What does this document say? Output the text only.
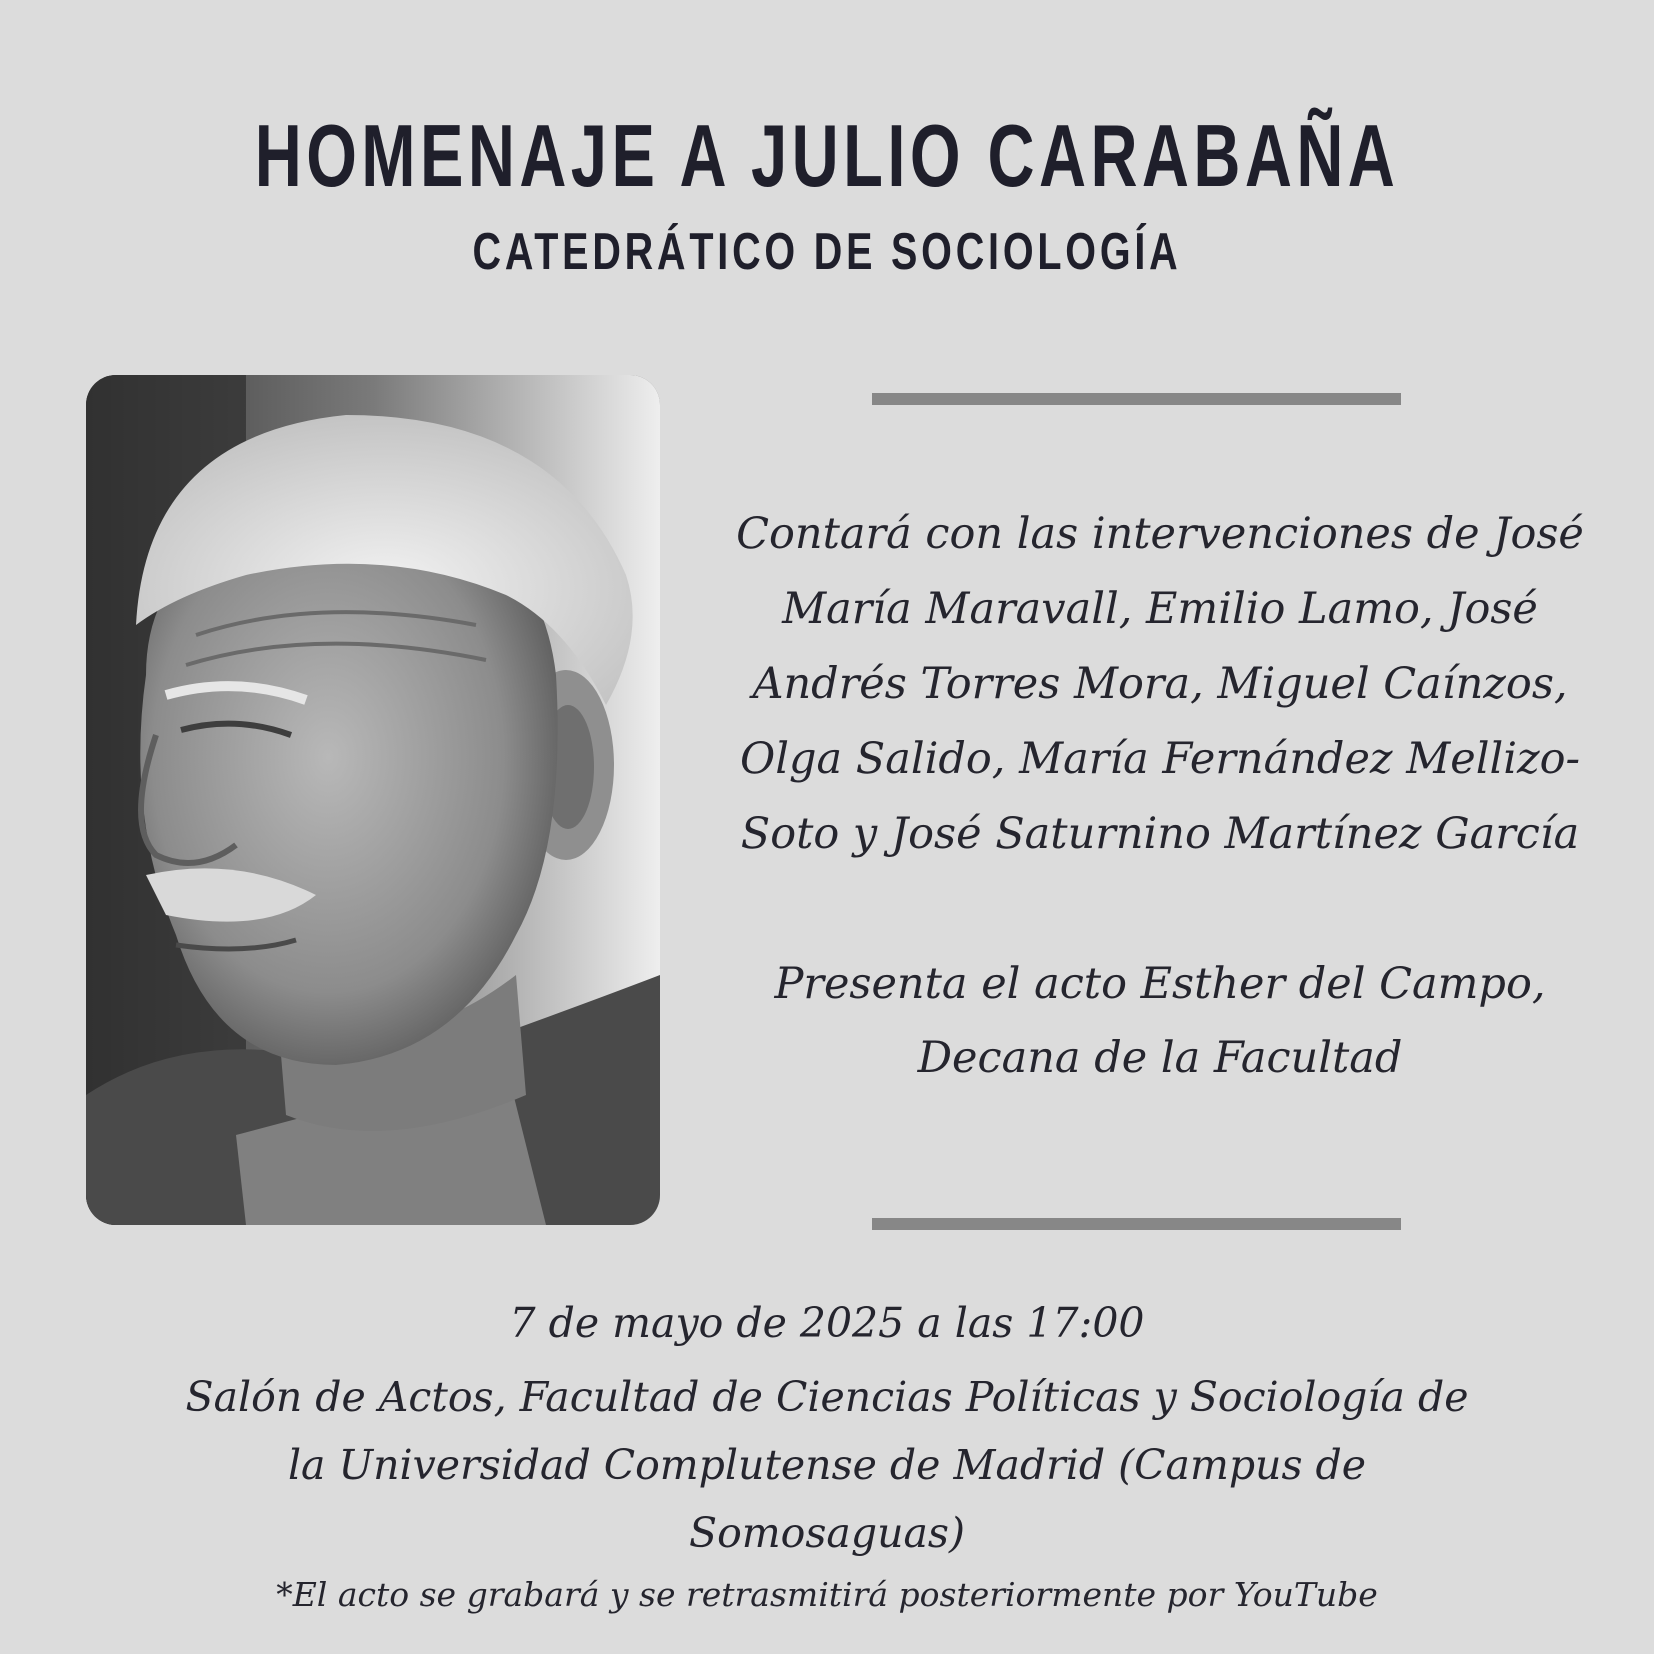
HOMENAJE A JULIO CARABAÑA
CATEDRÁTICO DE SOCIOLOGÍA
Contará con las intervenciones de José María Maravall, Emilio Lamo, José Andrés Torres Mora, Miguel Caínzos, Olga Salido, María Fernández Mellizo-Soto y José Saturnino Martínez García
Presenta el acto Esther del Campo, Decana de la Facultad
7 de mayo de 2025 a las 17:00
Salón de Actos, Facultad de Ciencias Políticas y Sociología de la Universidad Complutense de Madrid (Campus de Somosaguas)
*El acto se grabará y se retrasmitirá posteriormente por YouTube
